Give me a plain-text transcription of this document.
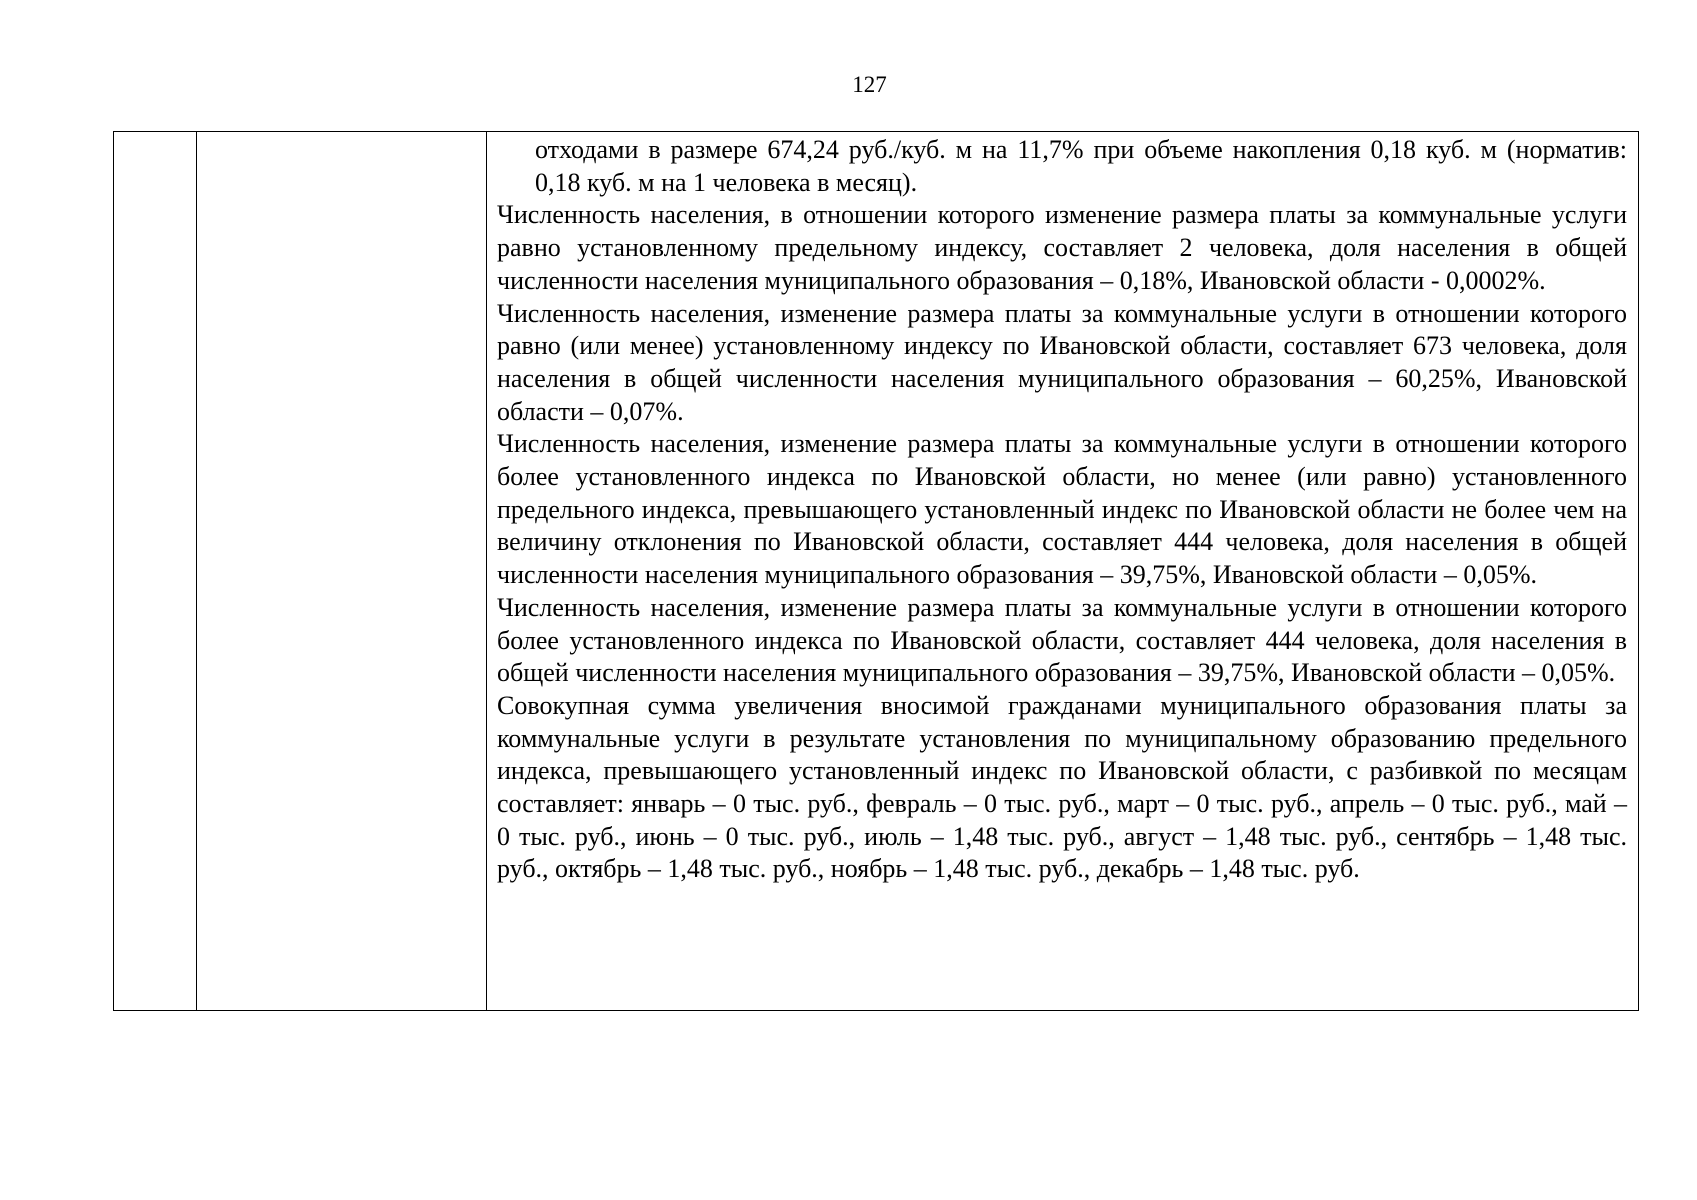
127

отходами в размере 674,24 руб./куб. м на 11,7% при объеме накопления 0,18 куб. м (норматив: 0,18 куб. м на 1 человека в месяц).

Численность населения, в отношении которого изменение размера платы за коммунальные услуги равно установленному предельному индексу, составляет 2 человека, доля населения в общей численности населения муниципального образования – 0,18%, Ивановской области - 0,0002%.

Численность населения, изменение размера платы за коммунальные услуги в отношении которого равно (или менее) установленному индексу по Ивановской области, составляет 673 человека, доля населения в общей численности населения муниципального образования – 60,25%, Ивановской области – 0,07%.

Численность населения, изменение размера платы за коммунальные услуги в отношении которого более установленного индекса по Ивановской области, но менее (или равно) установленного предельного индекса, превышающего установленный индекс по Ивановской области не более чем на величину отклонения по Ивановской области, составляет 444 человека, доля населения в общей численности населения муниципального образования – 39,75%, Ивановской области – 0,05%.

Численность населения, изменение размера платы за коммунальные услуги в отношении которого более установленного индекса по Ивановской области, составляет 444 человека, доля населения в общей численности населения муниципального образования – 39,75%, Ивановской области – 0,05%.

Совокупная сумма увеличения вносимой гражданами муниципального образования платы за коммунальные услуги в результате установления по муниципальному образованию предельного индекса, превышающего установленный индекс по Ивановской области, с разбивкой по месяцам составляет: январь – 0 тыс. руб., февраль – 0 тыс. руб., март – 0 тыс. руб., апрель – 0 тыс. руб., май – 0 тыс. руб., июнь – 0 тыс. руб., июль – 1,48 тыс. руб., август – 1,48 тыс. руб., сентябрь – 1,48 тыс. руб., октябрь – 1,48 тыс. руб., ноябрь – 1,48 тыс. руб., декабрь – 1,48 тыс. руб.
